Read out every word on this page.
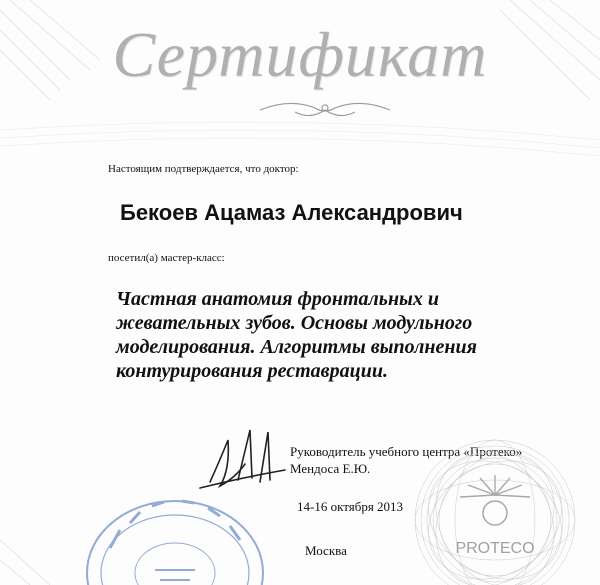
Сертификат
Настоящим подтверждается, что доктор:
Бекоев Ацамаз Александрович
посетил(а) мастер-класс:
Частная анатомия фронтальных и
жевательных зубов. Основы модульного
моделирования. Алгоритмы выполнения
контурирования реставрации.
Руководитель учебного центра «Протеко»
Мендоса Е.Ю.
14-16 октября 2013
Москва	PROTECO
